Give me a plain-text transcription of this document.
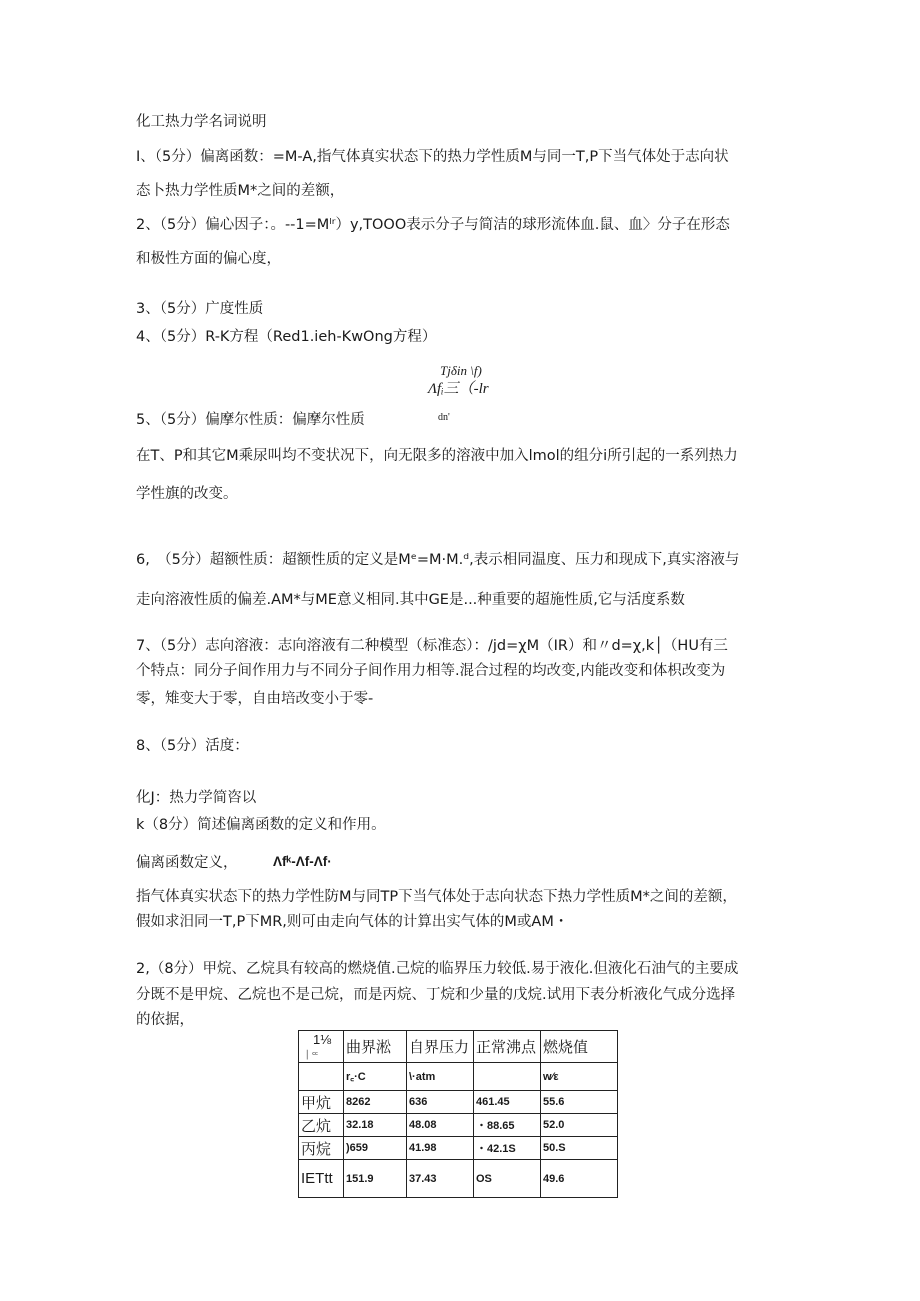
化工热力学名词说明
I、（5分）偏离函数：=M-A,指气体真实状态下的热力学性质M与同一T,P下当气体处于志向状
态卜热力学性质M*之间的差额，
2、（5分）偏心因子：。--1=Mˡʳ）y,TOOO表示分子与简洁的球形流体血.鼠、血〉分子在形态
和极性方面的偏心度，
3、（5分）广度性质
4、（5分）R-K方程（Red1.ieh-KwOng方程）
Tjδin \f)
Λfᵢ三（-lr
5、（5分）偏摩尔性质：偏摩尔性质	dn'
在T、P和其它M乘尿叫均不变状况下，向无限多的溶液中加入lmol的组分i所引起的一系列热力
学性旗的改变。
6,　（5分）超额性质：超额性质的定义是Mᵉ=M·M.ᵈ,表示相同温度、压力和现成下,真实溶液与
走向溶液性质的偏差.AM*与ME意义相同.其中GE是...种重要的超施性质,它与活度系数
7、（5分）志向溶液：志向溶液有二种模型（标准态）：∕jd=χM（IR）和〃d=χ,k│（HU有三
个特点：同分子间作用力与不同分子间作用力相等.混合过程的均改变,内能改变和体枳改变为
零，雉变大于零，自由培改变小于零-
8、（5分）活度：
化J：热力学简咨以
k（8分）简述偏离函数的定义和作用。
偏离函数定义，	Λfᵏ-Λf-Λf·
指气体真实状态下的热力学性防M与同TP下当气体处于志向状态下热力学性质M*之间的差额，
假如求汨同一T,P下MR,则可由走向气体的计算出实气体的M或AM・
2,（8分）甲烷、乙烷具有较高的燃烧值.己烷的临界压力较低.易于液化.但液化石油气的主要成
分既不是甲烷、乙烷也不是己烷，而是丙烷、丁烷和少量的戊烷.试用下表分析液化气成分选择
的依据，
1⅛
│ ᶜᶜ	曲界淞	自界压力	正常沸点	燃烧值
	r꜀·C	\·atm		w⁄ε
甲炕	8262	636	461.45	55.6
乙炕	32.18	48.08	・88.65	52.0
丙烷	)659	41.98	・42.1S	50.S
IETtt	151.9	37.43	OS	49.6
